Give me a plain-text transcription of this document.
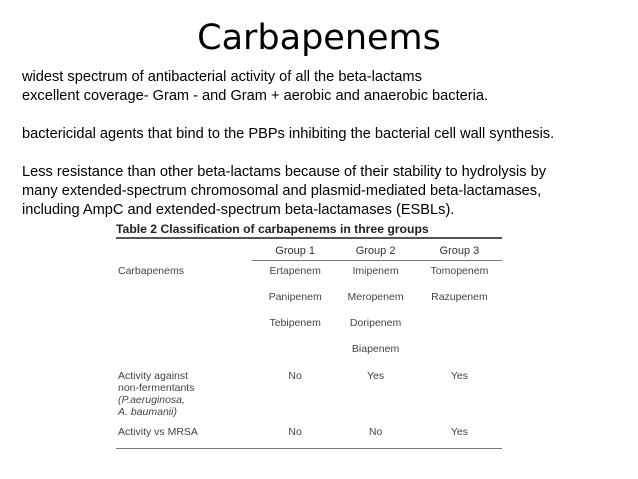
Carbapenems
widest spectrum of antibacterial activity of all the beta-lactams
excellent coverage- Gram - and Gram + aerobic and anaerobic bacteria.
bactericidal agents that bind to the PBPs inhibiting the bacterial cell wall synthesis.
Less resistance than other beta-lactams because of their stability to hydrolysis by
many extended-spectrum chromosomal and plasmid-mediated beta-lactamases,
including AmpC and extended-spectrum beta-lactamases (ESBLs).
Table 2 Classification of carbapenems in three groups
	Group 1	Group 2	Group 3

Carbapenems	Ertapenem	Imipenem	Tomopenem
	Panipenem	Meropenem	Razupenem
	Tebipenem	Doripenem	
		Biapenem	

Activity against
non-fermentants
(P.aeruginosa,
A. baumanii)	No	Yes	Yes
Activity vs MRSA	No	No	Yes
